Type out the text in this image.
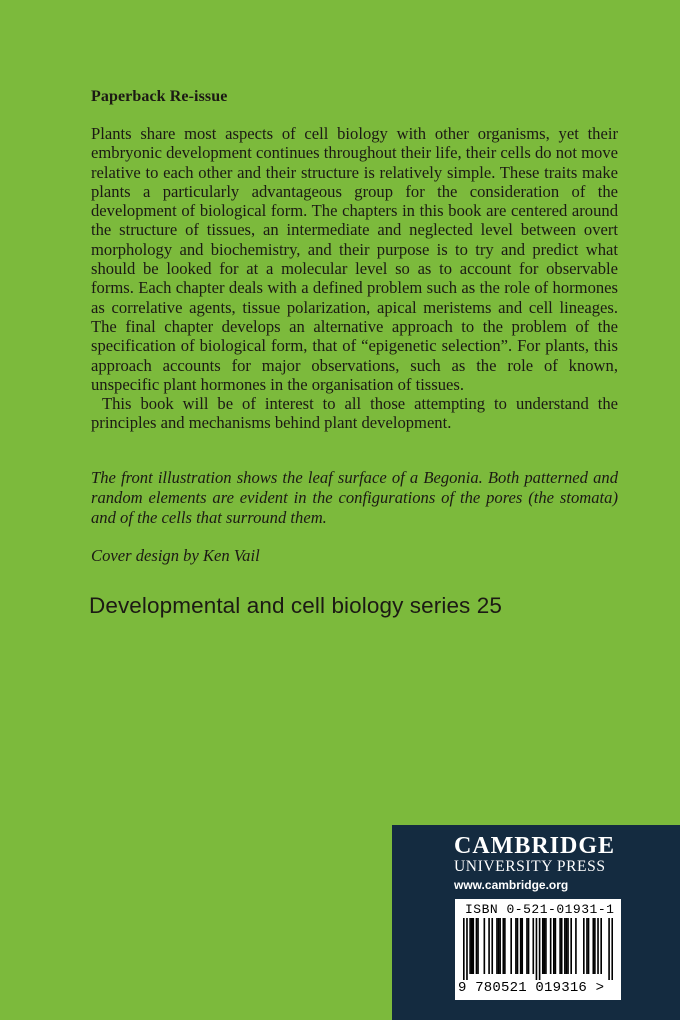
Paperback Re-issue

Plants share most aspects of cell biology with other organisms, yet their embryonic development continues throughout their life, their cells do not move relative to each other and their structure is relatively simple. These traits make plants a particularly advantageous group for the consideration of the development of biological form. The chapters in this book are centered around the structure of tissues, an intermediate and neglected level between overt morphology and biochemistry, and their purpose is to try and predict what should be looked for at a molecular level so as to account for observable forms. Each chapter deals with a defined problem such as the role of hormones as correlative agents, tissue polarization, apical meristems and cell lineages. The final chapter develops an alternative approach to the problem of the specification of biological form, that of “epigenetic selection”. For plants, this approach accounts for major observations, such as the role of known, unspecific plant hormones in the organisation of tissues.

This book will be of interest to all those attempting to understand the principles and mechanisms behind plant development.

The front illustration shows the leaf surface of a Begonia. Both patterned and random elements are evident in the configurations of the pores (the stomata) and of the cells that surround them.
Cover design by Ken Vail
Developmental and cell biology series 25
CAMBRIDGE
UNIVERSITY PRESS
www.cambridge.org
ISBN 0-521-01931-1
9 780521 019316 >
